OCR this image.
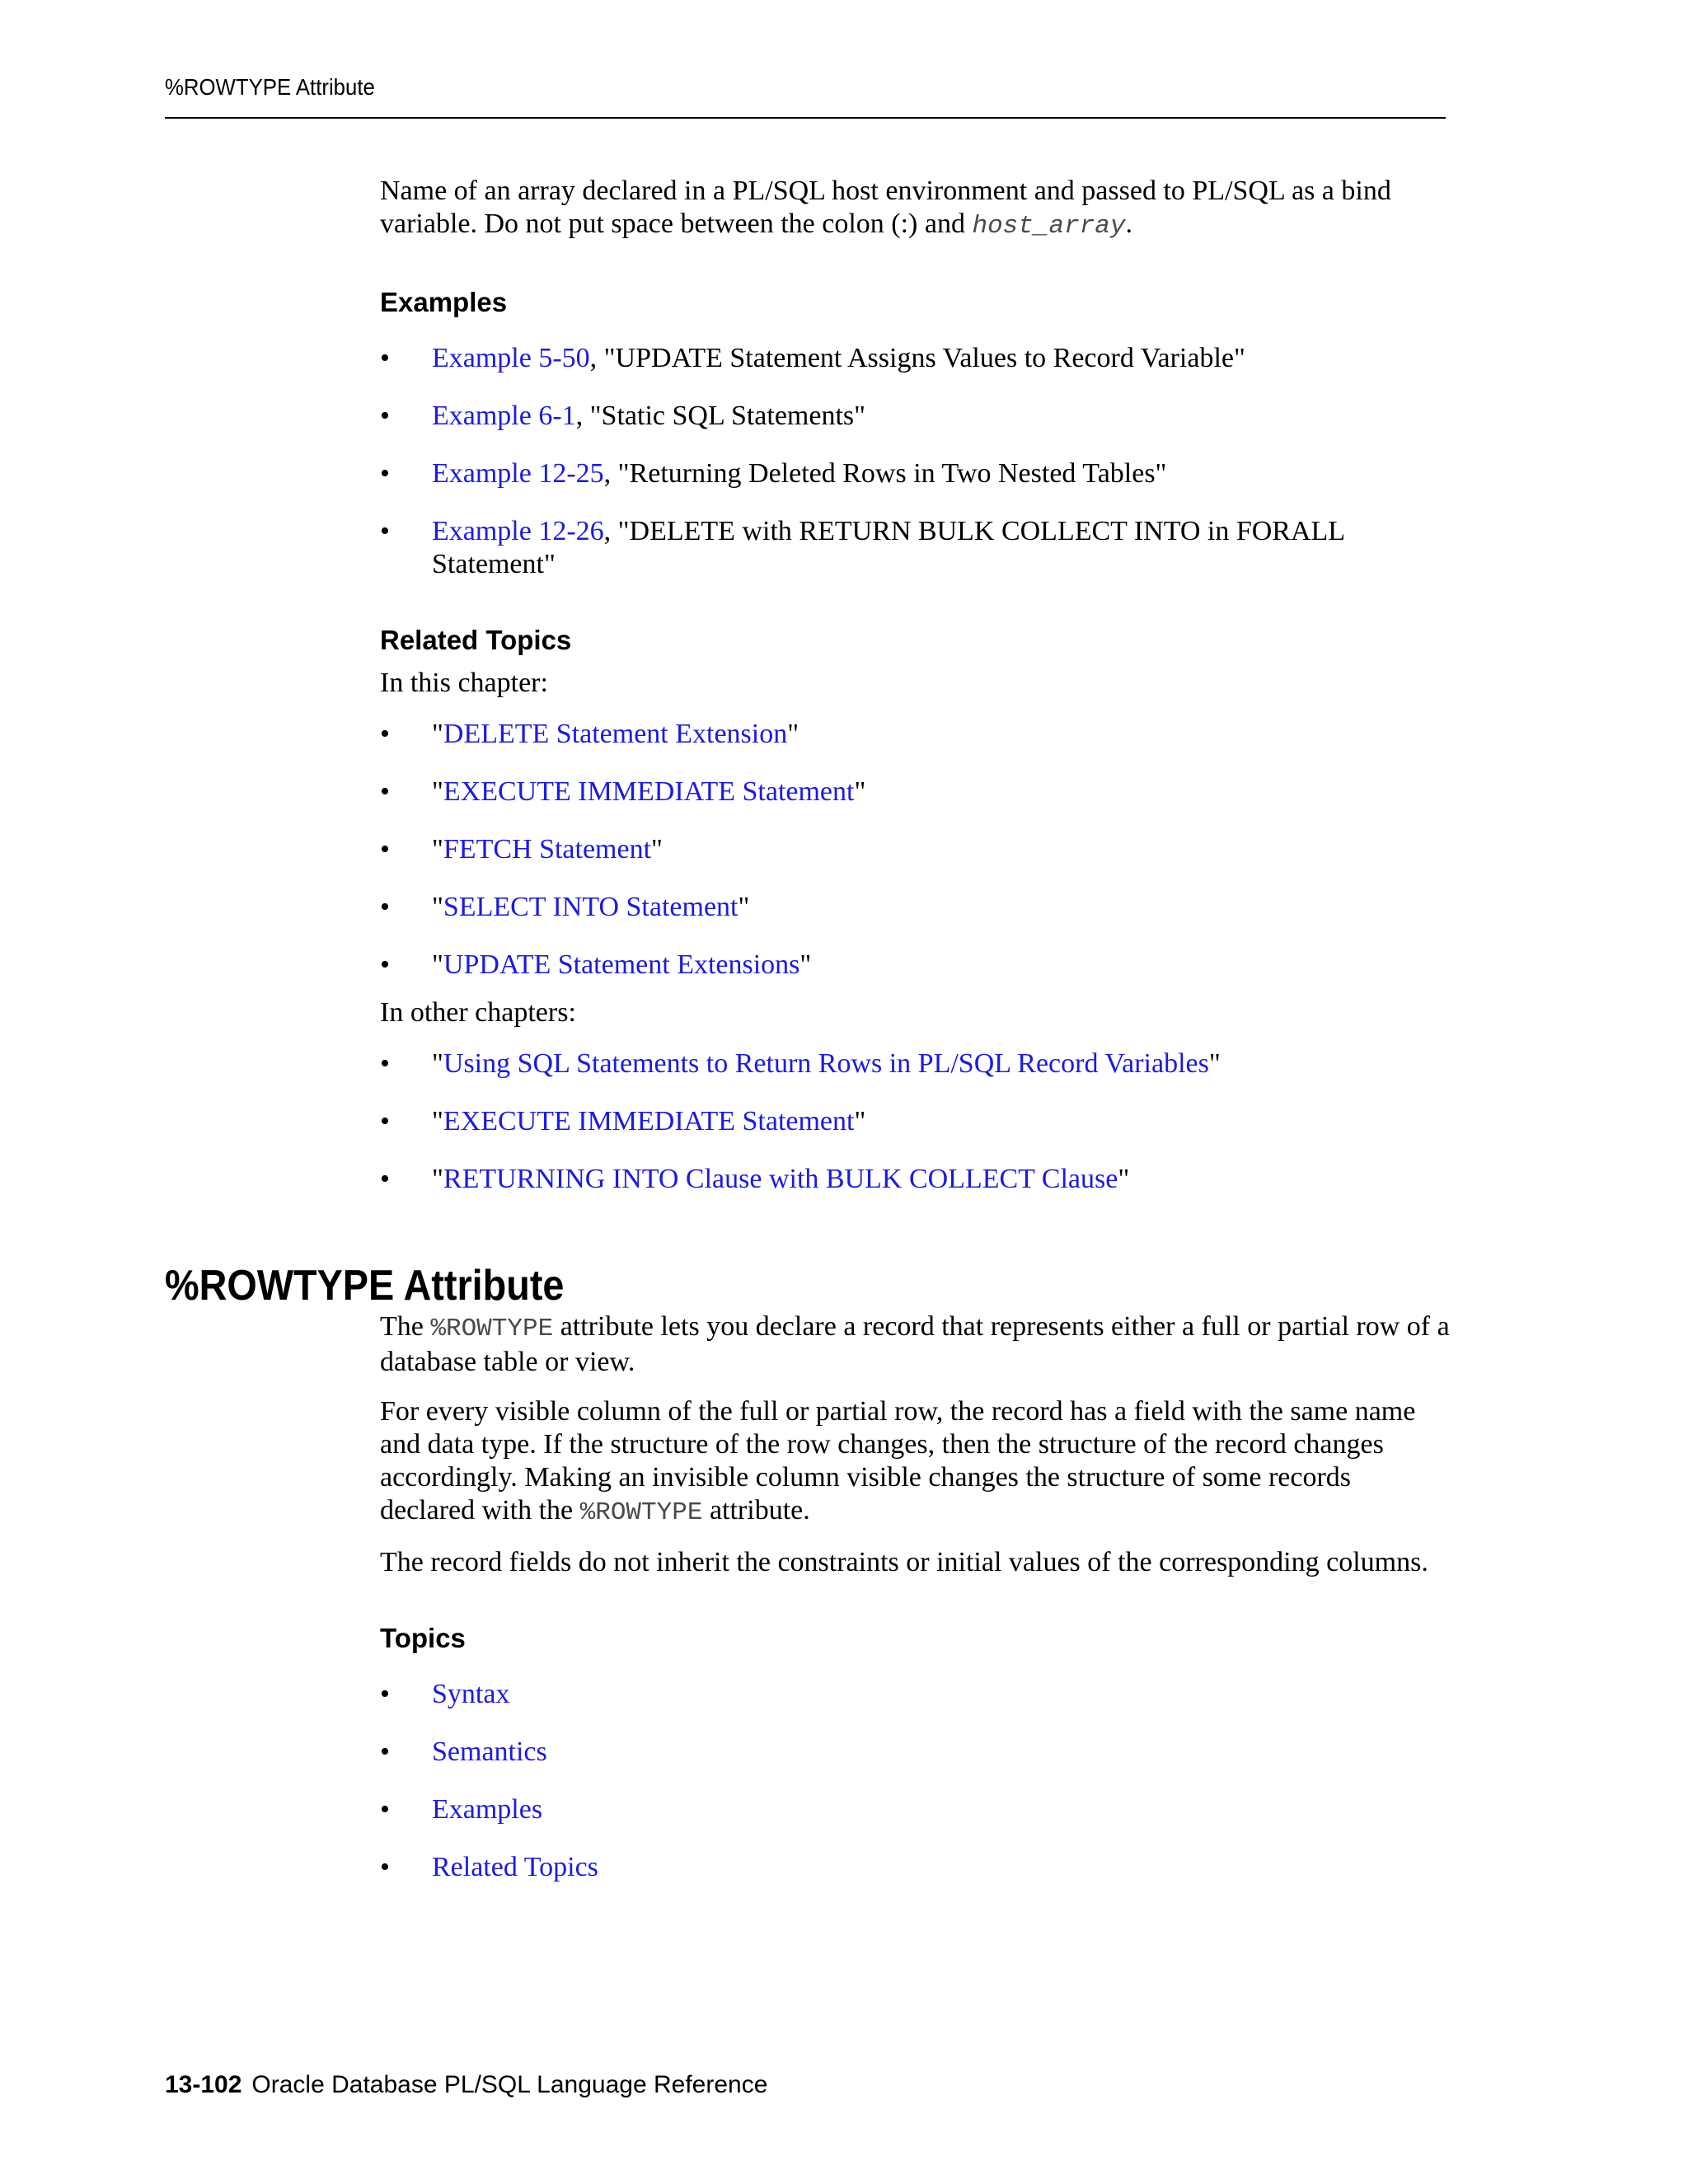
%ROWTYPE Attribute

Name of an array declared in a PL/SQL host environment and passed to PL/SQL as a bind variable. Do not put space between the colon (:) and host_array.

Examples
•	Example 5-50, "UPDATE Statement Assigns Values to Record Variable"
•	Example 6-1, "Static SQL Statements"
•	Example 12-25, "Returning Deleted Rows in Two Nested Tables"
•	Example 12-26, "DELETE with RETURN BULK COLLECT INTO in FORALL Statement"
Related Topics

In this chapter:

•	"DELETE Statement Extension"
•	"EXECUTE IMMEDIATE Statement"
•	"FETCH Statement"
•	"SELECT INTO Statement"
•	"UPDATE Statement Extensions"

In other chapters:

•	"Using SQL Statements to Return Rows in PL/SQL Record Variables"
•	"EXECUTE IMMEDIATE Statement"
•	"RETURNING INTO Clause with BULK COLLECT Clause"
%ROWTYPE Attribute

The %ROWTYPE attribute lets you declare a record that represents either a full or partial row of a database table or view.

For every visible column of the full or partial row, the record has a field with the same name and data type. If the structure of the row changes, then the structure of the record changes accordingly. Making an invisible column visible changes the structure of some records declared with the %ROWTYPE attribute.

The record fields do not inherit the constraints or initial values of the corresponding columns.

Topics
•	Syntax
•	Semantics
•	Examples
•	Related Topics
13-102 Oracle Database PL/SQL Language Reference
